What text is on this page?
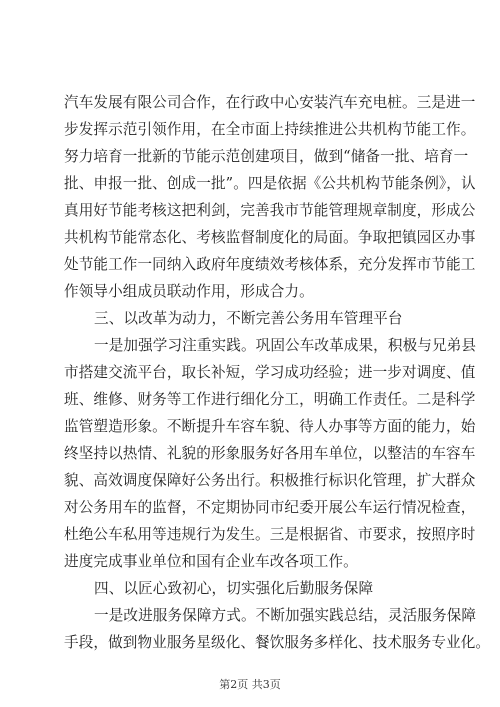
汽车发展有限公司合作，在行政中心安装汽车充电桩。三是进一
步发挥示范引领作用，在全市面上持续推进公共机构节能工作。
努力培育一批新的节能示范创建项目，做到“储备一批、培育一
批、申报一批、创成一批”。四是依据《公共机构节能条例》，认
真用好节能考核这把利剑，完善我市节能管理规章制度，形成公
共机构节能常态化、考核监督制度化的局面。争取把镇园区办事
处节能工作一同纳入政府年度绩效考核体系，充分发挥市节能工
作领导小组成员联动作用，形成合力。
三、以改革为动力，不断完善公务用车管理平台
一是加强学习注重实践。巩固公车改革成果，积极与兄弟县
市搭建交流平台，取长补短，学习成功经验；进一步对调度、值
班、维修、财务等工作进行细化分工，明确工作责任。二是科学
监管塑造形象。不断提升车容车貌、待人办事等方面的能力，始
终坚持以热情、礼貌的形象服务好各用车单位，以整洁的车容车
貌、高效调度保障好公务出行。积极推行标识化管理，扩大群众
对公务用车的监督，不定期协同市纪委开展公车运行情况检查，
杜绝公车私用等违规行为发生。三是根据省、市要求，按照序时
进度完成事业单位和国有企业车改各项工作。
四、以匠心致初心，切实强化后勤服务保障
一是改进服务保障方式。不断加强实践总结，灵活服务保障
手段，做到物业服务星级化、餐饮服务多样化、技术服务专业化。
第2页 共3页
